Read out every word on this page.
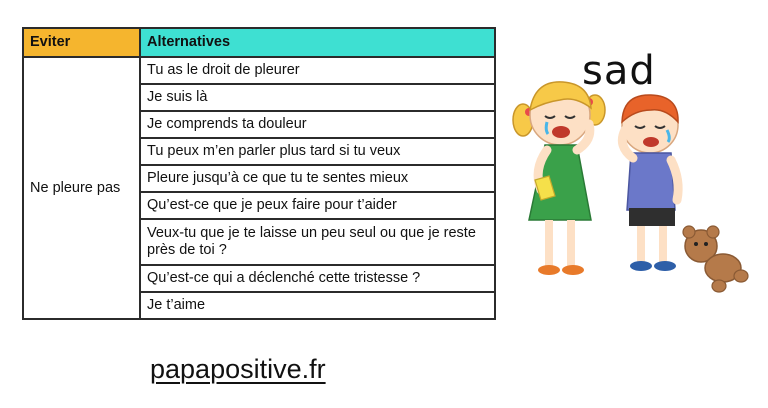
Eviter	Alternatives
Ne pleure pas	Tu as le droit de pleurer
	Je suis là
	Je comprends ta douleur
	Tu peux m’en parler plus tard si tu veux
	Pleure jusqu’à ce que tu te sentes mieux
	Qu’est-ce que je peux faire pour t’aider
	Veux-tu que je te laisse un peu seul ou que je reste près de toi ?
	Qu’est-ce qui a déclenché cette tristesse ?
	Je t’aime
sad
papapositive.fr
